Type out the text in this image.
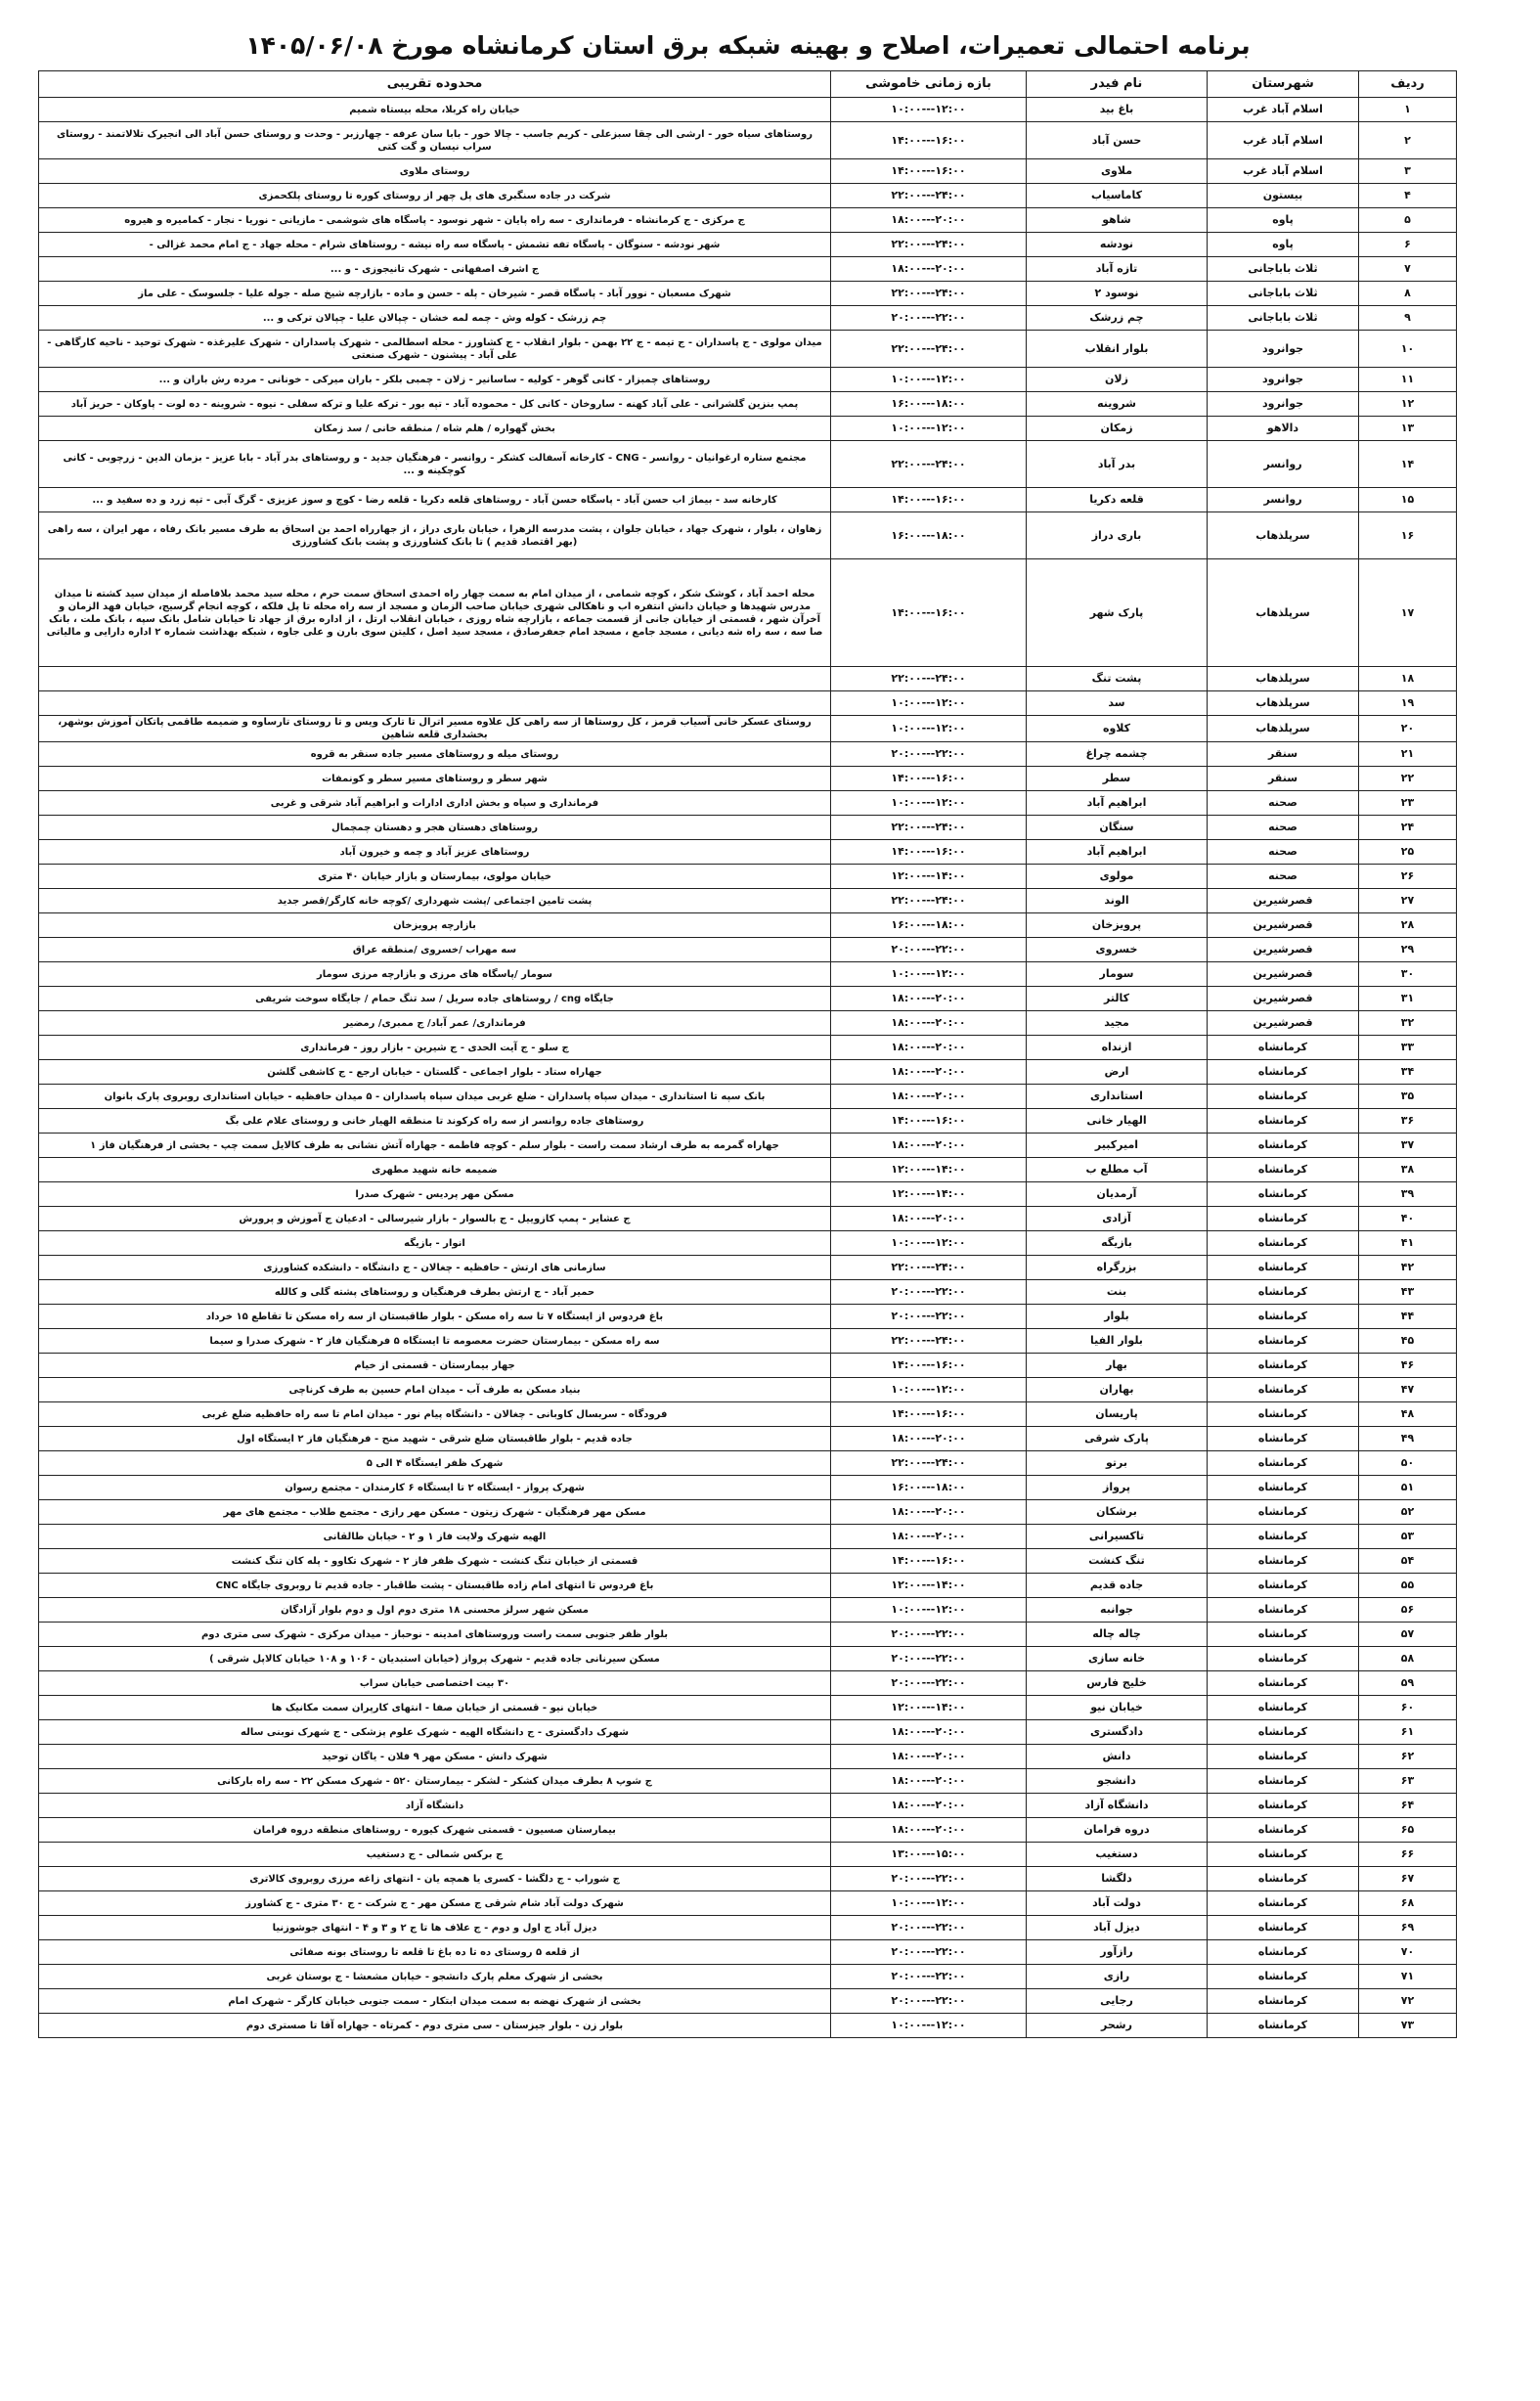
برنامه احتمالی تعمیرات، اصلاح و بهینه شبکه برق استان کرمانشاه مورخ ۱۴۰۵/۰۶/۰۸
ردیف	شهرستان	نام فیدر	بازه زمانی خاموشی	محدوده تقریبی
۱	اسلام آباد غرب	باغ بید	۱۰:۰۰---۱۲:۰۰	خیابان راه کربلا، محله بیستاه شمیم
۲	اسلام آباد غرب	حسن آباد	۱۴:۰۰---۱۶:۰۰	روستاهای سیاه خور - ارشی الی چقا سبزعلی - کریم جاسب - چالا خور - بابا سان عرفه - چهارزبر - وحدت و روستای حسن آباد الی انجیرک تلالاتمند - روستای سراب نیسان و گت کتی
۳	اسلام آباد غرب	ملاوی	۱۴:۰۰---۱۶:۰۰	روستای ملاوی
۴	بیستون	کاماسیاب	۲۲:۰۰---۲۴:۰۰	شرکت در جاده سنگبری های پل چهر از روستای کوره تا روستای پلکحمزی
۵	پاوه	شاهو	۱۸:۰۰---۲۰:۰۰	ج مرکزی - ج کرمانشاه - فرمانداری - سه راه پایان - شهر نوسود - پاسگاه های شوشمی - مازیانی - نوریا - نجار - کمامیره و هیروه
۶	پاوه	نودشه	۲۲:۰۰---۲۴:۰۰	شهر نودشه - سنوگان - پاسگاه تفه تشمش - پاسگاه سه راه نیشه - روستاهای شرام - محله جهاد - ج امام محمد غزالی -
۷	ثلاث باباجانی	تازه آباد	۱۸:۰۰---۲۰:۰۰	ج اشرف اصفهانی - شهرک تانیجوزی - و ...
۸	ثلاث باباجانی	نوسود ۲	۲۲:۰۰---۲۴:۰۰	شهرک مسعبان - نوور آباد - پاسگاه قصر - شیرخان - پله - حسن و ماده - بازارچه شیخ صله - جوله علیا - جلسوسک - علی ماز
۹	ثلاث باباجانی	چم زرشک	۲۰:۰۰---۲۲:۰۰	چم زرشک - کوله وش - چمه لمه خشان - چپالان علیا - چپالان ترکی و ...
۱۰	جوانرود	بلوار انقلاب	۲۲:۰۰---۲۴:۰۰	میدان مولوی - ج پاسداران - ج تیمه - ج ۲۲ بهمن - بلوار انقلاب - ج کشاورز - محله اسطالمی - شهرک پاسداران - شهرک علیرغذه - شهرک توحید - ناحیه کارگاهی - علی آباد - پیشنون - شهرک صنعتی
۱۱	جوانرود	زلان	۱۰:۰۰---۱۲:۰۰	روستاهای چمبزار - کانی گوهر - کولیه - ساسانیر - زلان - چمبی بلکر - باران میرکی - خونانی - مرده رش باران و ...
۱۲	جوانرود	شروینه	۱۶:۰۰---۱۸:۰۰	پمپ بنزین گلشرانی - علی آباد کهنه - ساروخان - کانی کل - محموده آباد - تپه بور - ترکه علیا و ترکه سفلی - نیوه - شروینه - ده لوت - پاوکان - حریز آباد
۱۳	دالاهو	زمکان	۱۰:۰۰---۱۲:۰۰	بخش گهواره / هلم شاه / منطقه خانی / سد زمکان
۱۴	روانسر	بدر آباد	۲۲:۰۰---۲۴:۰۰	مجتمع ستاره ارغوانیان - روانسر - CNG - کارخانه آسفالت کشکر - روانسر - فرهنگیان جدید - و روستاهای بدر آباد - بابا عزیز - بزمان الدین - زرچوبی - کانی کوچکینه و ...
۱۵	روانسر	قلعه دکریا	۱۴:۰۰---۱۶:۰۰	کارخانه سد - بیماژ اب حسن آباد - پاسگاه حسن آباد - روستاهای قلعه دکریا - قلعه رضا - کوچ و سوز عزیزی - گرگ آبی - تپه زرد و ده سفید و ...
۱۶	سرپلذهاب	باری دراز	۱۶:۰۰---۱۸:۰۰	زهاوان ، بلوار ، شهرک جهاد ، خیابان جلوان ، پشت مدرسه الزهرا ، خیابان باری دراز ، از جهارراه احمد بن اسحاق به طرف مسیر بانک رفاه ، مهر ایران ، سه راهی (بهر اقتصاد قدیم ) تا بانک کشاورزی و پشت بانک کشاورزی
۱۷	سرپلذهاب	پارک شهر	۱۴:۰۰---۱۶:۰۰	محله احمد آباد ، کوشک شکر ، کوچه شمامی ، از میدان امام به سمت چهار راه احمدی اسحاق سمت حرم ، محله سید محمد بلافاصله از میدان سید کشته تا میدان مدرس شهیدها و خیابان دانش انتفره اب و ناهکالی شهری خیابان صاحب الزمان و مسجد از سه راه محله تا پل فلکه ، کوچه انجام گرسیج، خیابان فهد الزمان و آخرآن شهر ، قسمتی از خیابان جانی از قسمت جماعه ، بازارچه شاه روزی ، خیابان انقلاب ارتل ، از اداره برق از جهاد تا خیابان شامل بانک سپه ، بانک ملت ، بانک صا سه ، سه راه شه دیانی ، مسجد جامع ، مسجد امام جعفرصادق ، مسجد سید اصل ، کلیتن سوی بارن و علی جاوه ، شبکه بهداشت شماره ۲ اداره دارایی و مالیاتی
۱۸	سرپلذهاب	پشت تنگ	۲۲:۰۰---۲۴:۰۰	
۱۹	سرپلذهاب	سد	۱۰:۰۰---۱۲:۰۰	
۲۰	سرپلذهاب	کلاوه	۱۰:۰۰---۱۲:۰۰	روستای عسکر خانی آسیاب قرمز ، کل روستاها از سه راهی کل علاوه مسیر اترال تا تارک ویس و تا روستای تارساوه و ضمیمه طاقمی پاتکان آموزش بوشهر، بخشداری قلعه شاهین
۲۱	سنقر	چشمه چراغ	۲۰:۰۰---۲۲:۰۰	روستای میله و روستاهای مسیر جاده سنقر به قروه
۲۲	سنقر	سطر	۱۴:۰۰---۱۶:۰۰	شهر سطر و روستاهای مسیر سطر و کونمفات
۲۳	صحنه	ابراهیم آباد	۱۰:۰۰---۱۲:۰۰	فرمانداری و سپاه و بخش اداری ادارات و ابراهیم آباد شرقی و غربی
۲۴	صحنه	سنگان	۲۲:۰۰---۲۴:۰۰	روستاهای دهستان هجر و دهستان چمچمال
۲۵	صحنه	ابراهیم آباد	۱۴:۰۰---۱۶:۰۰	روستاهای عزیز آباد و چمه و خیرون آباد
۲۶	صحنه	مولوی	۱۲:۰۰---۱۴:۰۰	خیابان مولوی، بیمارستان و بازار خیابان ۴۰ متری
۲۷	قصرشیرین	الوند	۲۲:۰۰---۲۴:۰۰	پشت تامین اجتماعی /پشت شهرداری /کوچه خانه کارگر/قصر جدید
۲۸	قصرشیرین	پرویزخان	۱۶:۰۰---۱۸:۰۰	بازارچه پرویزخان
۲۹	قصرشیرین	خسروی	۲۰:۰۰---۲۲:۰۰	سه مهراب /خسروی /منطقه عراق
۳۰	قصرشیرین	سومار	۱۰:۰۰---۱۲:۰۰	سومار /پاسگاه های مرزی و بازارچه مرزی سومار
۳۱	قصرشیرین	کالتر	۱۸:۰۰---۲۰:۰۰	جایگاه cng / روستاهای جاده سریل / سد تنگ حمام / جایگاه سوخت شریفی
۳۲	قصرشیرین	مجید	۱۸:۰۰---۲۰:۰۰	فرمانداری/ عمر آباد/ ج ممبری/ رمضیر
۳۳	کرمانشاه	ازنداه	۱۸:۰۰---۲۰:۰۰	ج سلو - ج آیت الحدی - ج شیرین - بازار روز - فرمانداری
۳۴	کرمانشاه	ارض	۱۸:۰۰---۲۰:۰۰	جهاراه ستاد - بلوار اجماعی - گلستان - خیابان ارجع - ج کاشفی گلشن
۳۵	کرمانشاه	استانداری	۱۸:۰۰---۲۰:۰۰	بانک سپه تا استانداری - میدان سپاه پاسداران - ضلع غربی میدان سپاه پاسداران - ۵ میدان حافظیه - خیابان استانداری روبروی پارک بانوان
۳۶	کرمانشاه	الهیار خانی	۱۴:۰۰---۱۶:۰۰	روستاهای جاده روانسر از سه راه کرکوند تا منطقه الهیار خانی و روستای علام علی بگ
۳۷	کرمانشاه	امیرکبیر	۱۸:۰۰---۲۰:۰۰	جهاراه گمرمه به طرف ارشاد سمت راست - بلوار سلم - کوچه فاطمه - جهاراه آتش نشانی به طرف کالایل سمت چپ - بخشی از فرهنگیان فاز ۱
۳۸	کرمانشاه	آب مطلع ب	۱۲:۰۰---۱۴:۰۰	ضمیمه خانه شهید مطهری
۳۹	کرمانشاه	آرمدیان	۱۲:۰۰---۱۴:۰۰	مسکن مهر پردیس - شهرک صدرا
۴۰	کرمانشاه	آزادی	۱۸:۰۰---۲۰:۰۰	ج عشایر - پمپ کازوییل - ج بالسوار - بازار شیرسالی - ادعیان ج آموزش و پرورش
۴۱	کرمانشاه	بازیگه	۱۰:۰۰---۱۲:۰۰	انوار - بازیگه
۴۲	کرمانشاه	بزرگراه	۲۲:۰۰---۲۴:۰۰	سازمانی های ارتش - حافظیه - چغالان - ج دانشگاه - دانشکده کشاورزی
۴۳	کرمانشاه	بنت	۲۰:۰۰---۲۲:۰۰	حمیر آباد - ج ارتش بطرف فرهنگیان و روستاهای پشته گلی و کالله
۴۴	کرمانشاه	بلوار	۲۰:۰۰---۲۲:۰۰	باغ فردوس از ایستگاه ۷ تا سه راه مسکن - بلوار طاقبستان از سه راه مسکن تا تقاطع ۱۵ خرداد
۴۵	کرمانشاه	بلوار الفیا	۲۲:۰۰---۲۴:۰۰	سه راه مسکن - بیمارستان حضرت معصومه تا ایستگاه ۵ فرهنگیان فاز ۲ - شهرک صدرا و سیما
۴۶	کرمانشاه	بهار	۱۴:۰۰---۱۶:۰۰	جهار بیمارستان - قسمتی از خیام
۴۷	کرمانشاه	بهاران	۱۰:۰۰---۱۲:۰۰	بنیاد مسکن به طرف آب - میدان امام حسین به طرف کرناچی
۴۸	کرمانشاه	پاریسان	۱۴:۰۰---۱۶:۰۰	فرودگاه - سربسال کاوبانی - چغالان - دانشگاه پیام نور - میدان امام تا سه راه حافظیه ضلع غربی
۴۹	کرمانشاه	پارک شرقی	۱۸:۰۰---۲۰:۰۰	جاده قدیم - بلوار طاقبستان ضلع شرقی - شهید منح - فرهنگیان فاز ۲ ایستگاه اول
۵۰	کرمانشاه	برتو	۲۲:۰۰---۲۴:۰۰	شهرک ظفر ایستگاه ۴ الی ۵
۵۱	کرمانشاه	پرواز	۱۶:۰۰---۱۸:۰۰	شهرک پرواز - ایستگاه ۲ تا ایستگاه ۶ کارمندان - مجتمع رسوان
۵۲	کرمانشاه	برشکان	۱۸:۰۰---۲۰:۰۰	مسکن مهر فرهنگیان - شهرک زیتون - مسکن مهر رازی - مجتمع طلاب - مجتمع های مهر
۵۳	کرمانشاه	تاکسیرانی	۱۸:۰۰---۲۰:۰۰	الهیه شهرک ولایت فاز ۱ و ۲ - خیابان طالقانی
۵۴	کرمانشاه	تنگ کنشت	۱۴:۰۰---۱۶:۰۰	قسمتی از خیابان تنگ کنشت - شهرک ظفر فاز ۲ - شهرک تکاوو - پله کان تنگ کنشت
۵۵	کرمانشاه	جاده قدیم	۱۲:۰۰---۱۴:۰۰	باغ فردوس تا انتهای امام زاده طاقبستان - پشت طاقبار - جاده قدیم تا روبروی جایگاه CNC
۵۶	کرمانشاه	جوانبه	۱۰:۰۰---۱۲:۰۰	مسکن شهر سرلز محسنی ۱۸ متری دوم اول و دوم بلوار آزادگان
۵۷	کرمانشاه	چاله چاله	۲۰:۰۰---۲۲:۰۰	بلوار ظفر جنوبی سمت راست وروستاهای امدینه - نوحباز - میدان مرکزی - شهرک سی متری دوم
۵۸	کرمانشاه	خانه سازی	۲۰:۰۰---۲۲:۰۰	مسکن سیرنانی جاده قدیم - شهرک پرواز (خیابان استبدیان - ۱۰۶ و ۱۰۸ خیابان کالاپل شرقی )
۵۹	کرمانشاه	خلیج فارس	۲۰:۰۰---۲۲:۰۰	۳۰ بیت اختصاصی خیابان سراب
۶۰	کرمانشاه	خیابان نیو	۱۲:۰۰---۱۴:۰۰	خیابان نیو - قسمتی از خیابان صفا - انتهای کارپران سمت مکانیک ها
۶۱	کرمانشاه	دادگستری	۱۸:۰۰---۲۰:۰۰	شهرک دادگستری - ج دانشگاه الهیه - شهرک علوم پزشکی - ج شهرک نوبنی ساله
۶۲	کرمانشاه	دانش	۱۸:۰۰---۲۰:۰۰	شهرک دانش - مسکن مهر ۹ فلان - یاگان توحید
۶۳	کرمانشاه	دانشجو	۱۸:۰۰---۲۰:۰۰	ج شوپ ۸ بطرف میدان کشکر - لشکر - بیمارستان ۵۲۰ - شهرک مسکن ۲۲ - سه راه بارکانی
۶۴	کرمانشاه	دانشگاه آزاد	۱۸:۰۰---۲۰:۰۰	دانشگاه آزاد
۶۵	کرمانشاه	دروه فرامان	۱۸:۰۰---۲۰:۰۰	بیمارستان صسیون - قسمتی شهرک کیوره - روستاهای منطقه دروه فرامان
۶۶	کرمانشاه	دستغیب	۱۳:۰۰---۱۵:۰۰	ج برکس شمالی - ج دستغیب
۶۷	کرمانشاه	دلگشا	۲۰:۰۰---۲۲:۰۰	ج شوراب - ج دلگشا - کسری یا همچه یان - انتهای زاغه مرزی روبروی کالاتری
۶۸	کرمانشاه	دولت آباد	۱۰:۰۰---۱۲:۰۰	شهرک دولت آباد شام شرقی ج مسکن مهر - ج شرکت - ج ۳۰ متری - ج کشاورز
۶۹	کرمانشاه	دیزل آباد	۲۰:۰۰---۲۲:۰۰	دیزل آباد ج اول و دوم - ج علاف ها تا ج ۲ و ۳ و ۴ - انتهای جوشوزنیا
۷۰	کرمانشاه	رازآور	۲۰:۰۰---۲۲:۰۰	از قلعه ۵ روستای ده تا ده باغ تا قلعه تا روستای بونه صفائی
۷۱	کرمانشاه	رازی	۲۰:۰۰---۲۲:۰۰	بخشی از شهرک معلم پارک دانشجو - خیابان مشعشا - ج بوستان غربی
۷۲	کرمانشاه	رجایی	۲۰:۰۰---۲۲:۰۰	بخشی از شهرک نهضه به سمت میدان ابتکار - سمت جنوبی خیابان کارگر - شهرک امام
۷۳	کرمانشاه	رشحر	۱۰:۰۰---۱۲:۰۰	بلوار زن - بلوار جیزستان - سی متری دوم - کمرتاه - جهاراه آقا تا صستری دوم
